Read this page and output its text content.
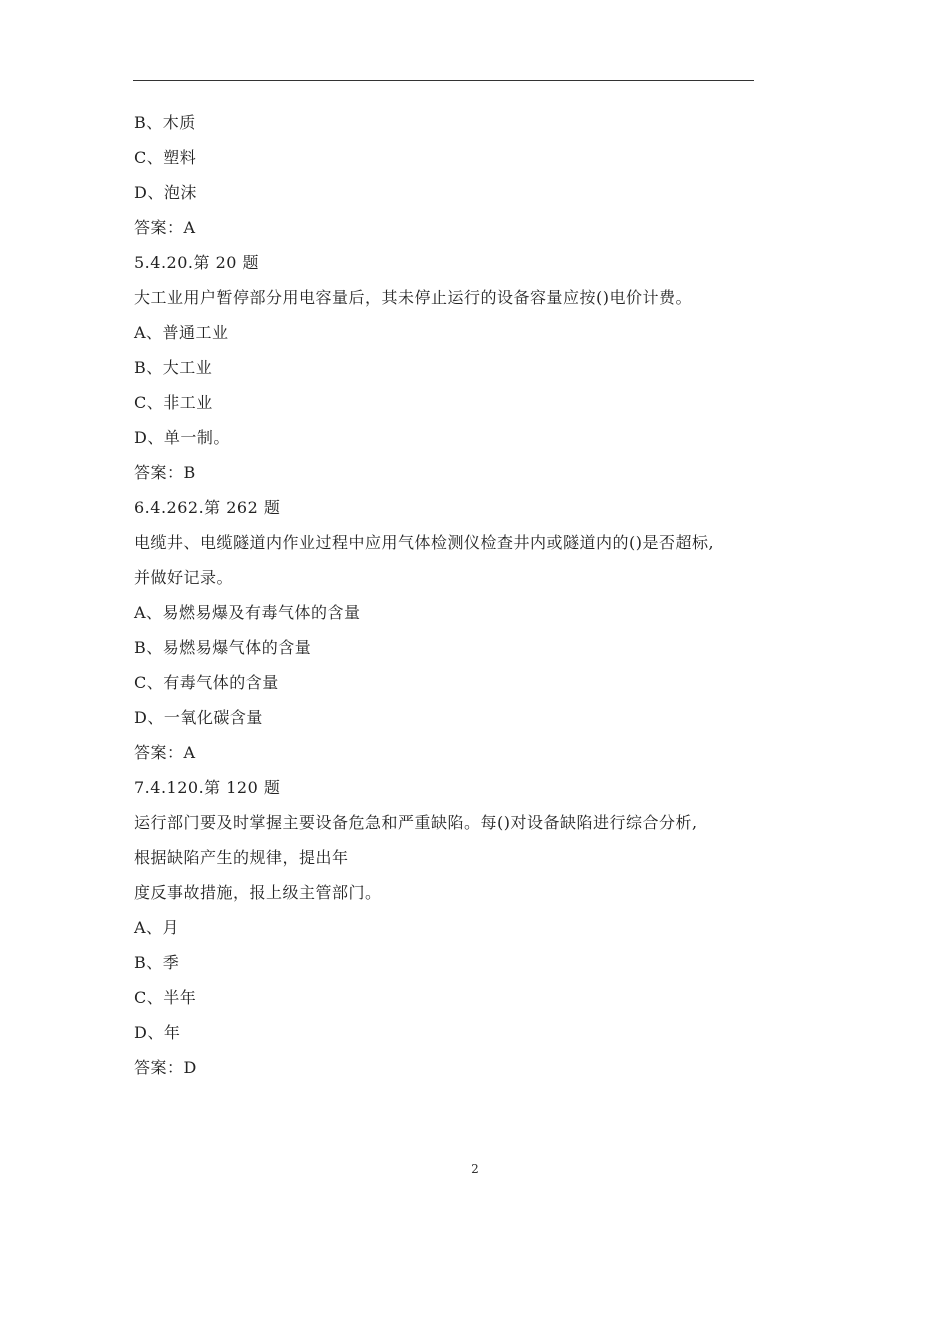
B、木质
C、塑料
D、泡沫
答案：A
5.4.20.第 20 题
大工业用户暂停部分用电容量后，其未停止运行的设备容量应按()电价计费。
A、普通工业
B、大工业
C、非工业
D、单一制。
答案：B
6.4.262.第 262 题
电缆井、电缆隧道内作业过程中应用气体检测仪检查井内或隧道内的()是否超标,
并做好记录。
A、易燃易爆及有毒气体的含量
B、易燃易爆气体的含量
C、有毒气体的含量
D、一氧化碳含量
答案：A
7.4.120.第 120 题
运行部门要及时掌握主要设备危急和严重缺陷。每()对设备缺陷进行综合分析,
根据缺陷产生的规律，提出年
度反事故措施，报上级主管部门。
A、月
B、季
C、半年
D、年
答案：D
2
